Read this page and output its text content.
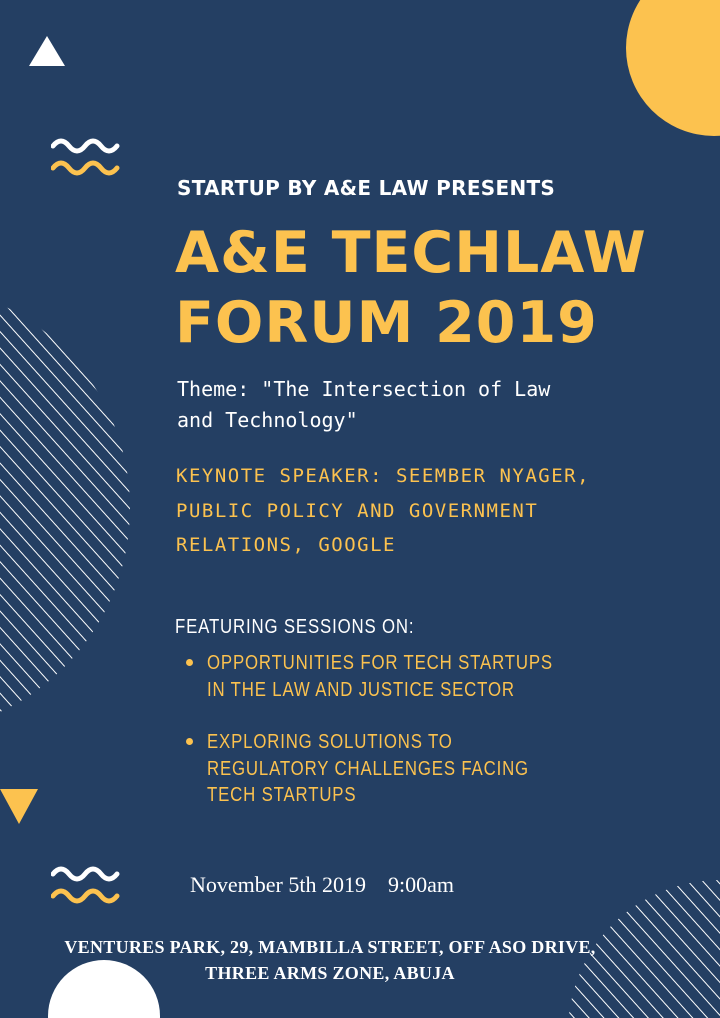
STARTUP BY A&E LAW PRESENTS

A&E TECHLAW
FORUM 2019
Theme: "The Intersection of Law
and Technology"
KEYNOTE SPEAKER: SEEMBER NYAGER,
PUBLIC POLICY AND GOVERNMENT
RELATIONS, GOOGLE
FEATURING SESSIONS ON:
OPPORTUNITIES FOR TECH STARTUPS
IN THE LAW AND JUSTICE SECTOR
EXPLORING SOLUTIONS TO
REGULATORY CHALLENGES FACING
TECH STARTUPS
November 5th 2019 9:00am
VENTURES PARK, 29, MAMBILLA STREET, OFF ASO DRIVE,
THREE ARMS ZONE, ABUJA
